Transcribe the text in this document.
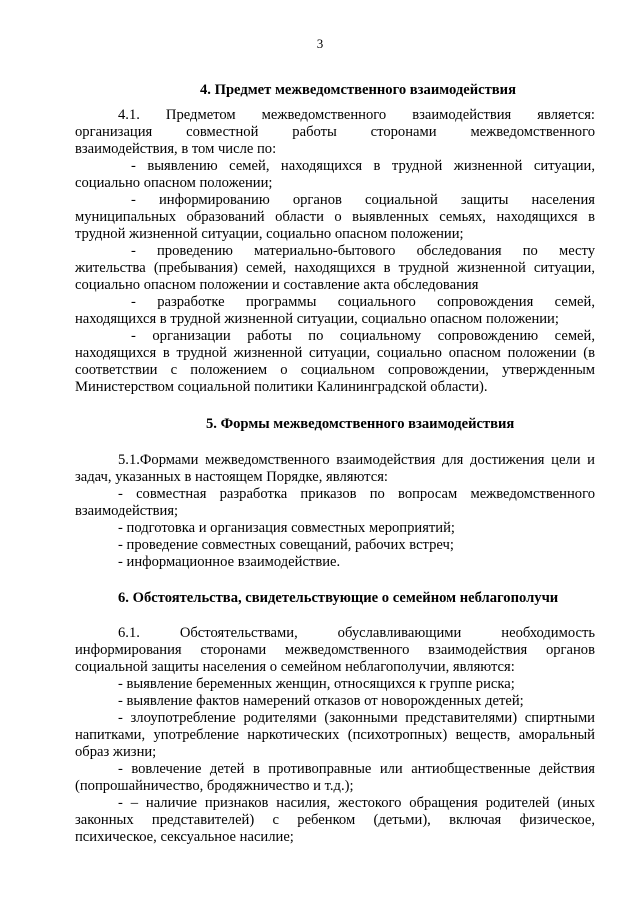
3
4. Предмет межведомственного взаимодействия
4.1. Предметом межведомственного взаимодействия является:
организация совместной работы сторонами межведомственного
взаимодействия, в том числе по:
- выявлению семей, находящихся в трудной жизненной ситуации,
социально опасном положении;
- информированию органов социальной защиты населения
муниципальных образований области о выявленных семьях, находящихся в
трудной жизненной ситуации, социально опасном положении;
- проведению материально-бытового обследования по месту
жительства (пребывания) семей, находящихся в трудной жизненной ситуации,
социально опасном положении и составление акта обследования
- разработке программы социального сопровождения семей,
находящихся в трудной жизненной ситуации, социально опасном положении;
- организации работы по социальному сопровождению семей,
находящихся в трудной жизненной ситуации, социально опасном положении (в
соответствии с положением о социальном сопровождении, утвержденным
Министерством социальной политики Калининградской области).
5. Формы межведомственного взаимодействия
5.1.Формами межведомственного взаимодействия для достижения цели и
задач, указанных в настоящем Порядке, являются:
- совместная разработка приказов по вопросам межведомственного
взаимодействия;
- подготовка и организация совместных мероприятий;
- проведение совместных совещаний, рабочих встреч;
- информационное взаимодействие.
6. Обстоятельства, свидетельствующие о семейном неблагополучи
6.1. Обстоятельствами, обуславливающими необходимость
информирования сторонами межведомственного взаимодействия органов
социальной защиты населения о семейном неблагополучии, являются:
- выявление беременных женщин, относящихся к группе риска;
- выявление фактов намерений отказов от новорожденных детей;
- злоупотребление родителями (законными представителями) спиртными
напитками, употребление наркотических (психотропных) веществ, аморальный
образ жизни;
- вовлечение детей в противоправные или антиобщественные действия
(попрошайничество, бродяжничество и т.д.);
- – наличие признаков насилия, жестокого обращения родителей (иных
законных представителей) с ребенком (детьми), включая физическое,
психическое, сексуальное насилие;
